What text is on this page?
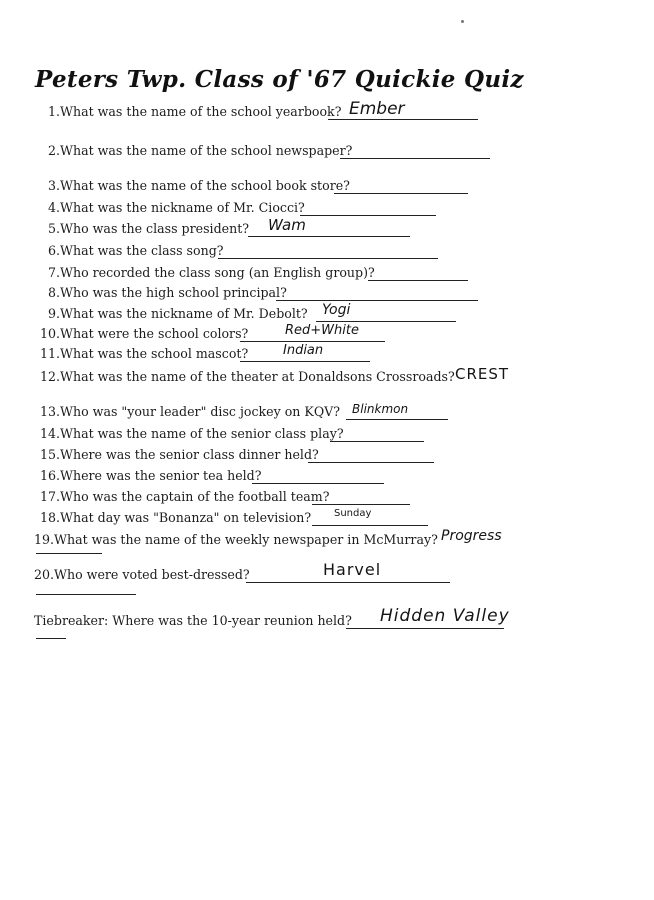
Peters Twp. Class of '67 Quickie Quiz
1.What was the name of the school yearbook? Ember
2.What was the name of the school newspaper?
3.What was the name of the school book store?
4.What was the nickname of Mr. Ciocci?
5.Who was the class president? Wam
6.What was the class song?
7.Who recorded the class song (an English group)?
8.Who was the high school principal?
9.What was the nickname of Mr. Debolt? Yogi
10.What were the school colors?	Red+White
11.What was the school mascot?	Indian
12.What was the name of the theater at Donaldsons Crossroads? CREST
13.Who was "your leader" disc jockey on KQV? Blinkmon
14.What was the name of the senior class play?
15.Where was the senior class dinner held?
16.Where was the senior tea held?
17.Who was the captain of the football team?
18.What day was "Bonanza" on television? Sunday
19.What was the name of the weekly newspaper in McMurray? Progress
20.Who were voted best-dressed?	Harvel
Tiebreaker: Where was the 10-year reunion held? Hidden Valley
